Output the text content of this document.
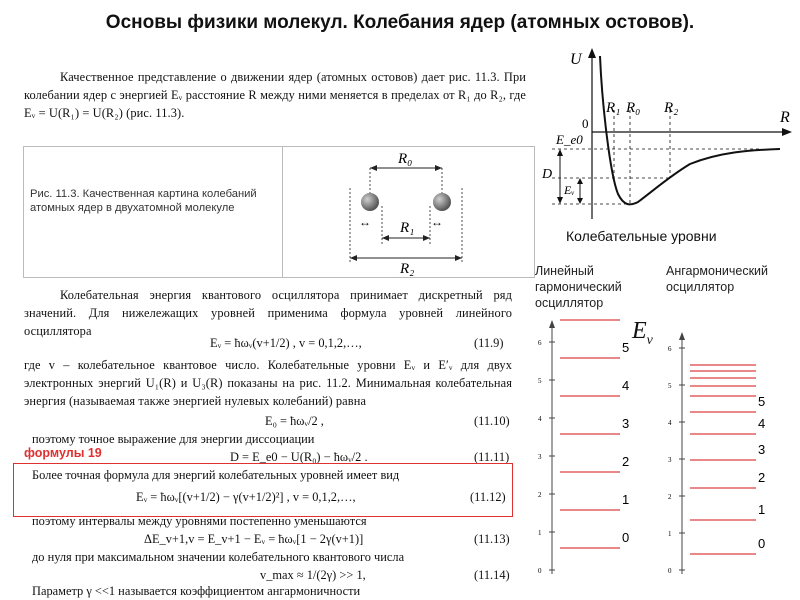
Основы физики молекул. Колебания ядер (атомных остовов).
Качественное представление о движении ядер (атомных остовов) дает рис. 11.3. При колебании ядер с энергией Eᵥ расстояние R между ними меняется в пределах от R₁ до R₂, где Eᵥ = U(R₁) = U(R₂) (рис. 11.3).
Рис. 11.3. Качественная картина колебаний атомных ядер в двухатомной молекуле
R₀
↔	↔
R₁
R₂
Колебательная энергия квантового осциллятора принимает дискретный ряд значений. Для нижележащих уровней применима формула уровней линейного осциллятора
Eᵥ = ħωᵥ(v+1/2) , v = 0,1,2,…,	(11.9)
где v – колебательное квантовое число. Колебательные уровни Eᵥ и E′ᵥ для двух электронных энергий U₁(R) и U₃(R) показаны на рис. 11.2. Минимальная колебательная энергия (называемая также энергией нулевых колебаний) равна
E₀ = ħωᵥ/2 ,	(11.10)
поэтому точное выражение для энергии диссоциации
D = E_e0 − U(R₀) − ħωᵥ/2 .	(11.11)
формулы 19
Более точная формула для энергий колебательных уровней имеет вид
Eᵥ = ħωᵥ[(v+1/2) − γ(v+1/2)²] , v = 0,1,2,…,	(11.12)
поэтому интервалы между уровнями постепенно уменьшаются
ΔE_v+1,v = E_v+1 − Eᵥ = ħωᵥ[1 − 2γ(v+1)]	(11.13)
до нуля при максимальном значении колебательного квантового числа
v_max ≈ 1/(2γ) >> 1,	(11.14)
Параметр γ <<1 называется коэффициентом ангармоничности
U
R
0
E_e0
D
Eᵥ
R₁ R₀ R₂
Колебательные уровни
Линейный
гармонический
осциллятор
Ангармонический
осциллятор
$E_v$
0
1
2
3
4
5
0
1
2
3
4
5
6
5
4
3
2
1
0
6
5
4
3
2
1
0
